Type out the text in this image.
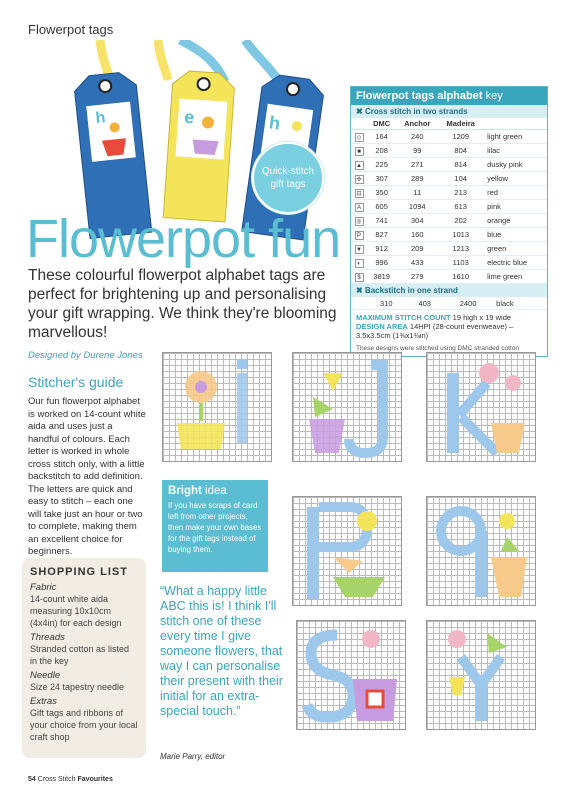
Flowerpot tags
h	e	h
Quick-stitch gift tags
Flowerpot tags alphabet key
✖ Cross stitch in two strands
	DMC	Anchor	Madeira	
◇	164	240	1209	light green
■	208	99	804	lilac
▲	225	271	814	dusky pink
✣	307	289	104	yellow
⊡	350	11	213	red
A	605	1094	613	pink
◎	741	304	202	orange
P	827	160	1013	blue
▼	912	209	1213	green
◐	996	433	1103	electric blue
$	3819	279	1610	lime green
✖ Backstitch in one strand
	310	403	2400	black
MAXIMUM STITCH COUNT 19 high x 19 wide
DESIGN AREA 14HPI (28-count evenweave) – 3.5x3.5cm (1⅜x1⅜in)
These designs were stitched using DMC stranded cotton
Flowerpot fun
These colourful flowerpot alphabet tags are perfect for brightening up and personalising your gift wrapping. We think they're blooming marvellous!
Designed by Durene Jones
Stitcher's guide
Our fun flowerpot alphabet is worked on 14-count white aida and uses just a handful of colours. Each letter is worked in whole cross stitch only, with a little backstitch to add definition. The letters are quick and easy to stitch – each one will take just an hour or two to complete, making them an excellent choice for beginners.
Bright idea
If you have scraps of card left from other projects, then make your own bases for the gift tags instead of buying them.
SHOPPING LIST
Fabric
14-count white aida measuring 10x10cm (4x4in) for each design
Threads
Stranded cotton as listed in the key
Needle
Size 24 tapestry needle
Extras
Gift tags and ribbons of your choice from your local craft shop
“What a happy little ABC this is! I think I'll stitch one of these every time I give someone flowers, that way I can personalise their present with their initial for an extra-special touch.”
Marie Parry, editor
54 Cross Stitch Favourites
